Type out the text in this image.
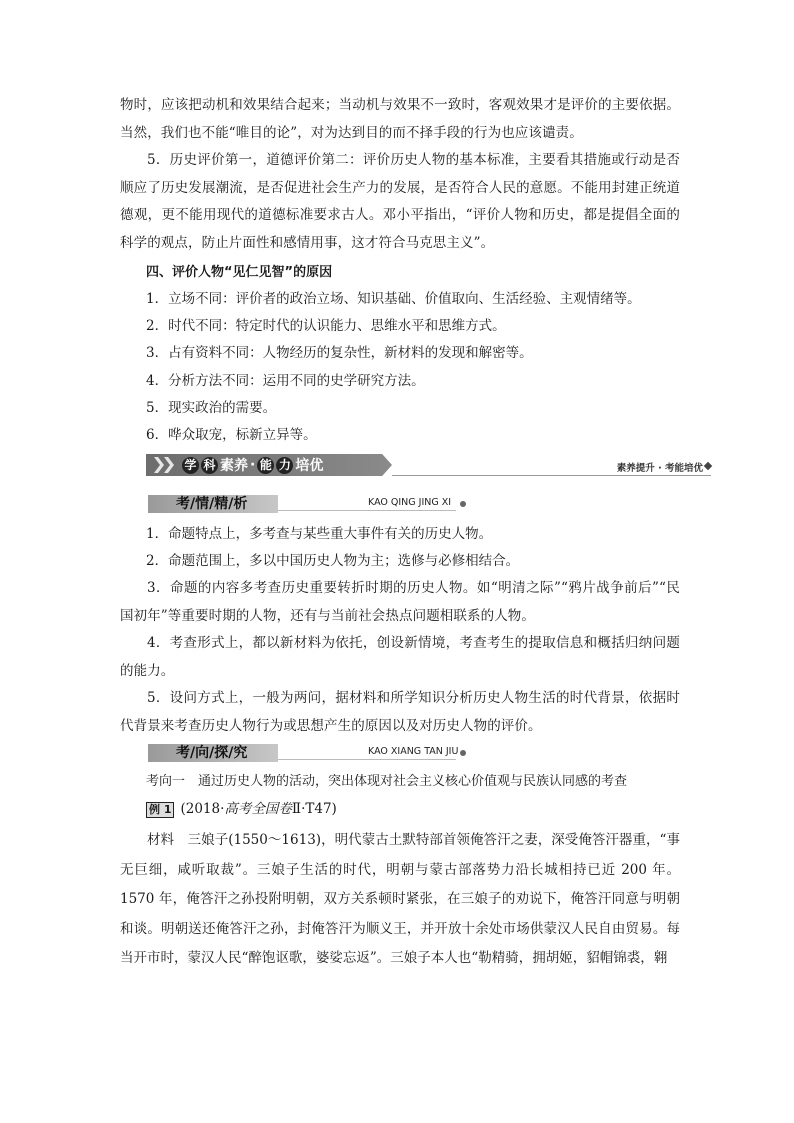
物时，应该把动机和效果结合起来；当动机与效果不一致时，客观效果才是评价的主要依据。当然，我们也不能“唯目的论”，对为达到目的而不择手段的行为也应该谴责。

5．历史评价第一，道德评价第二：评价历史人物的基本标准，主要看其措施或行动是否顺应了历史发展潮流，是否促进社会生产力的发展，是否符合人民的意愿。不能用封建正统道德观，更不能用现代的道德标准要求古人。邓小平指出，“评价人物和历史，都是提倡全面的科学的观点，防止片面性和感情用事，这才符合马克思主义”。

四、评价人物“见仁见智”的原因

1．立场不同：评价者的政治立场、知识基础、价值取向、生活经验、主观情绪等。

2．时代不同：特定时代的认识能力、思维水平和思维方式。

3．占有资料不同：人物经历的复杂性，新材料的发现和解密等。

4．分析方法不同：运用不同的史学研究方法。

5．现实政治的需要。

6．哗众取宠，标新立异等。

学 科 素养 · 能 力 培优	素养提升 · 考能培优
考/情/精/析	KAO QING JING XI

1．命题特点上，多考查与某些重大事件有关的历史人物。

2．命题范围上，多以中国历史人物为主；选修与必修相结合。

3．命题的内容多考查历史重要转折时期的历史人物。如“明清之际”“鸦片战争前后”“民国初年”等重要时期的人物，还有与当前社会热点问题相联系的人物。

4．考查形式上，都以新材料为依托，创设新情境，考查考生的提取信息和概括归纳问题的能力。

5．设问方式上，一般为两问，据材料和所学知识分析历史人物生活的时代背景，依据时代背景来考查历史人物行为或思想产生的原因以及对历史人物的评价。

考/向/探/究	KAO XIANG TAN JIU

考向一　通过历史人物的活动，突出体现对社会主义核心价值观与民族认同感的考查

例 1 (2018·高考全国卷Ⅱ·T47)

材料　三娘子(1550～1613)，明代蒙古土默特部首领俺答汗之妻，深受俺答汗器重，“事无巨细，咸听取裁”。三娘子生活的时代，明朝与蒙古部落势力沿长城相持已近 200 年。1570 年，俺答汗之孙投附明朝，双方关系顿时紧张，在三娘子的劝说下，俺答汗同意与明朝和谈。明朝送还俺答汗之孙，封俺答汗为顺义王，并开放十余处市场供蒙汉人民自由贸易。每当开市时，蒙汉人民“醉饱讴歌，婆娑忘返”。三娘子本人也“勒精骑，拥胡姬，貂帽锦裘，翱
